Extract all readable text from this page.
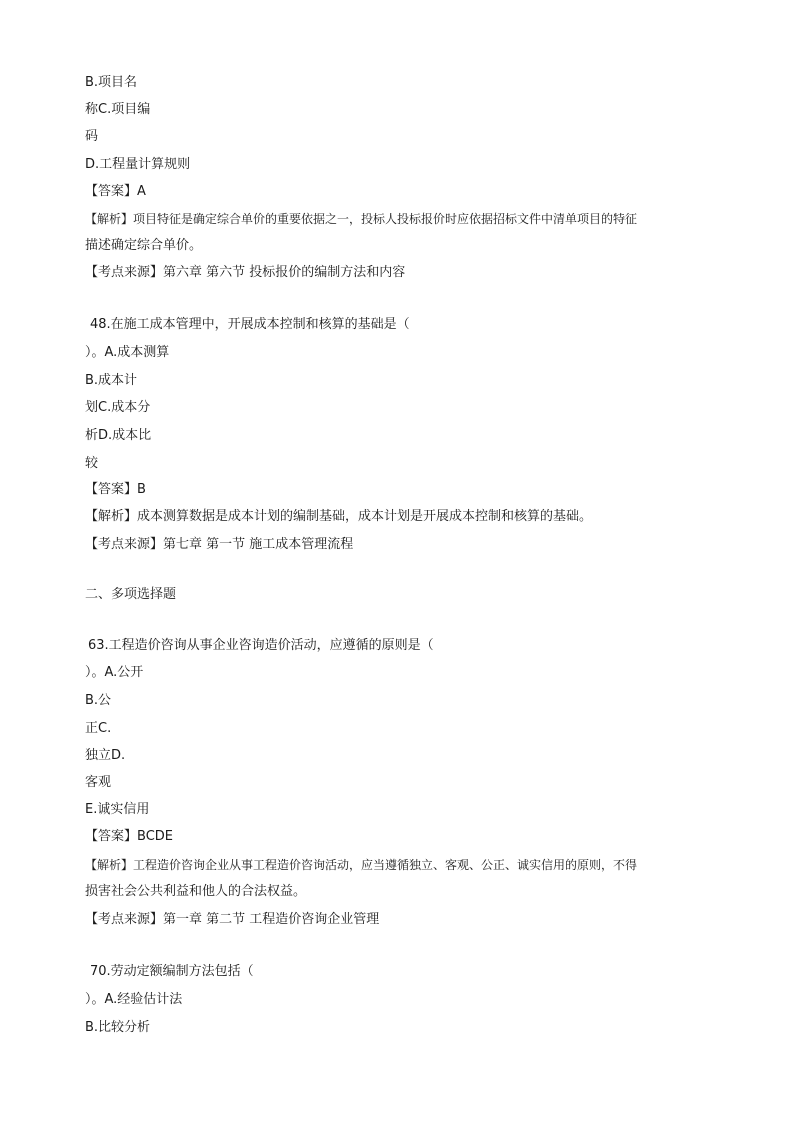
B.项目名
称C.项目编
码
D.工程量计算规则
【答案】A
【解析】项目特征是确定综合单价的重要依据之一，投标人投标报价时应依据招标文件中清单项目的特征
描述确定综合单价。
【考点来源】第六章 第六节 投标报价的编制方法和内容
48.在施工成本管理中，开展成本控制和核算的基础是（
）。A.成本测算
B.成本计
划C.成本分
析D.成本比
较
【答案】B
【解析】成本测算数据是成本计划的编制基础，成本计划是开展成本控制和核算的基础。
【考点来源】第七章 第一节 施工成本管理流程
二、多项选择题
63.工程造价咨询从事企业咨询造价活动，应遵循的原则是（
）。A.公开
B.公
正C.
独立D.
客观
E.诚实信用
【答案】BCDE
【解析】工程造价咨询企业从事工程造价咨询活动，应当遵循独立、客观、公正、诚实信用的原则，不得
损害社会公共利益和他人的合法权益。
【考点来源】第一章 第二节 工程造价咨询企业管理
70.劳动定额编制方法包括（
）。A.经验估计法
B.比较分析
